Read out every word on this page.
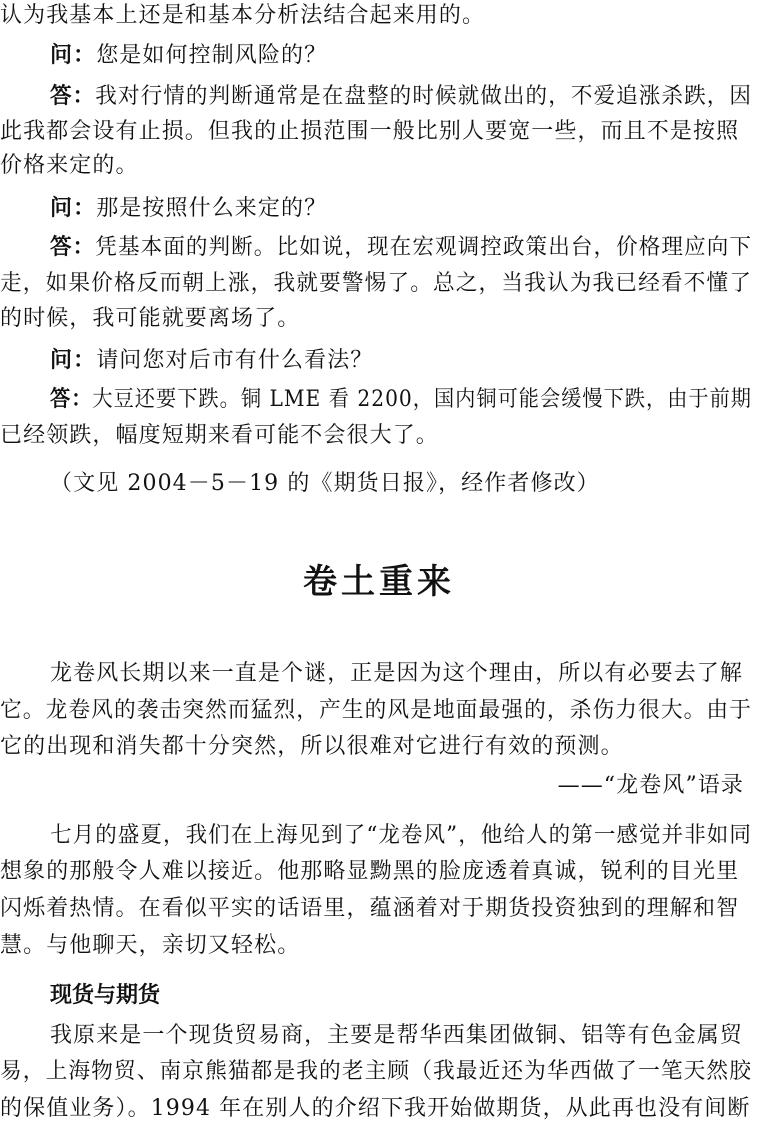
认为我基本上还是和基本分析法结合起来用的。
问：您是如何控制风险的？
答：我对行情的判断通常是在盘整的时候就做出的，不爱追涨杀跌，因
此我都会设有止损。但我的止损范围一般比别人要宽一些，而且不是按照
价格来定的。
问：那是按照什么来定的？
答：凭基本面的判断。比如说，现在宏观调控政策出台，价格理应向下
走，如果价格反而朝上涨，我就要警惕了。总之，当我认为我已经看不懂了
的时候，我可能就要离场了。
问：请问您对后市有什么看法？
答：大豆还要下跌。铜 LME 看 2200，国内铜可能会缓慢下跌，由于前期
已经领跌，幅度短期来看可能不会很大了。
（文见 2004－5－19 的《期货日报》，经作者修改）
卷土重来
龙卷风长期以来一直是个谜，正是因为这个理由，所以有必要去了解
它。龙卷风的袭击突然而猛烈，产生的风是地面最强的，杀伤力很大。由于
它的出现和消失都十分突然，所以很难对它进行有效的预测。
——“龙卷风”语录
七月的盛夏，我们在上海见到了“龙卷风”，他给人的第一感觉并非如同
想象的那般令人难以接近。他那略显黝黑的脸庞透着真诚，锐利的目光里
闪烁着热情。在看似平实的话语里，蕴涵着对于期货投资独到的理解和智
慧。与他聊天，亲切又轻松。
现货与期货
我原来是一个现货贸易商，主要是帮华西集团做铜、铝等有色金属贸
易，上海物贸、南京熊猫都是我的老主顾（我最近还为华西做了一笔天然胶
的保值业务）。1994 年在别人的介绍下我开始做期货，从此再也没有间断
